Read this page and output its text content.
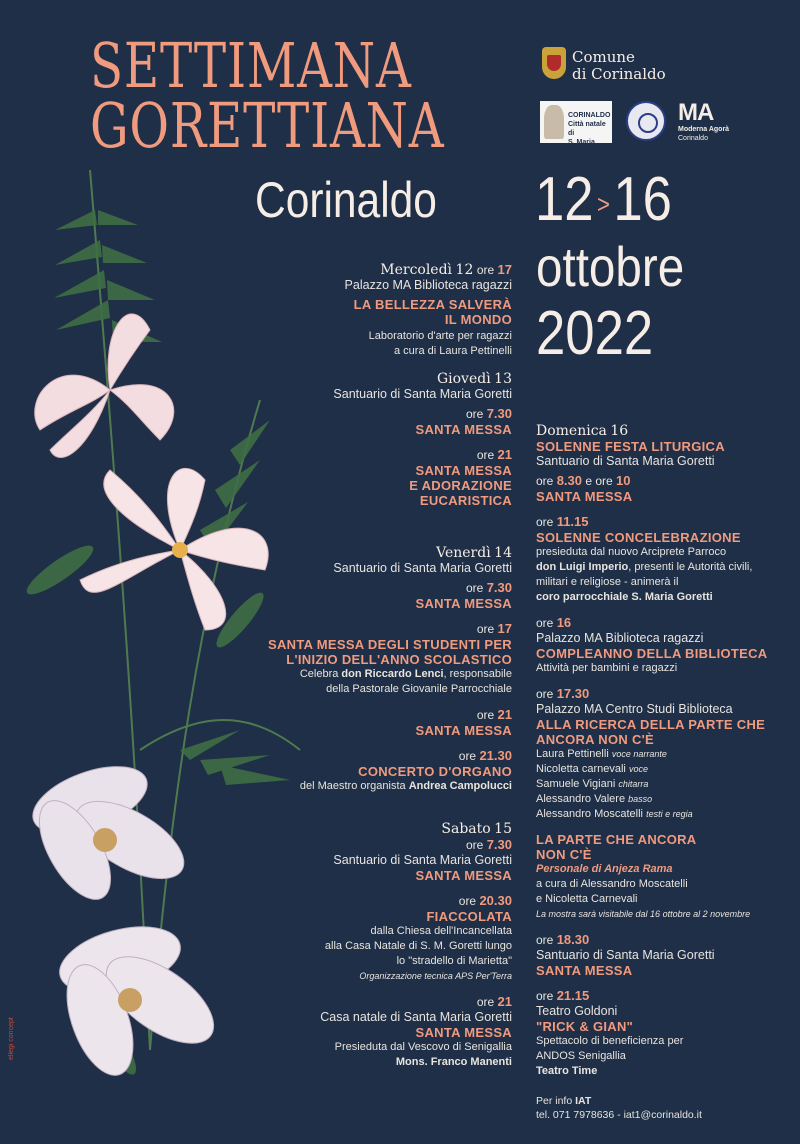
SETTIMANA
GORETTIANA
Corinaldo 12 >16
ottobre
2022
Comune
di Corinaldo
CORINALDO
Città natale di
S. Maria Goretti
MA
Moderna Agorà
Corinaldo
Mercoledì 12 ore 17
Palazzo MA Biblioteca ragazzi
LA BELLEZZA SALVERÀ
IL MONDO
Laboratorio d'arte per ragazzi
a cura di Laura Pettinelli
Giovedì 13
Santuario di Santa Maria Goretti
ore 7.30
SANTA MESSA
ore 21
SANTA MESSA
E ADORAZIONE
EUCARISTICA
Venerdì 14
Santuario di Santa Maria Goretti
ore 7.30
SANTA MESSA
ore 17
SANTA MESSA DEGLI STUDENTI PER
L'INIZIO DELL'ANNO SCOLASTICO
Celebra don Riccardo Lenci, responsabile
della Pastorale Giovanile Parrocchiale
ore 21
SANTA MESSA
ore 21.30
CONCERTO D'ORGANO
del Maestro organista Andrea Campolucci
Sabato 15
ore 7.30
Santuario di Santa Maria Goretti
SANTA MESSA
ore 20.30
FIACCOLATA
dalla Chiesa dell'Incancellata
alla Casa Natale di S. M. Goretti lungo
lo "stradello di Marietta"
Organizzazione tecnica APS Per'Terra
ore 21
Casa natale di Santa Maria Goretti
SANTA MESSA
Presieduta dal Vescovo di Senigallia
Mons. Franco Manenti
Domenica 16
SOLENNE FESTA LITURGICA
Santuario di Santa Maria Goretti
ore 8.30 e ore 10
SANTA MESSA
ore 11.15
SOLENNE CONCELEBRAZIONE
presieduta dal nuovo Arciprete Parroco
don Luigi Imperio, presenti le Autorità civili,
militari e religiose - animerà il
coro parrocchiale S. Maria Goretti
ore 16
Palazzo MA Biblioteca ragazzi
COMPLEANNO DELLA BIBLIOTECA
Attività per bambini e ragazzi
ore 17.30
Palazzo MA Centro Studi Biblioteca
ALLA RICERCA DELLA PARTE CHE
ANCORA NON C'È
Laura Pettinelli voce narrante
Nicoletta carnevali voce
Samuele Vigiani chitarra
Alessandro Valere basso
Alessandro Moscatelli testi e regia
LA PARTE CHE ANCORA
NON C'È
Personale di Anjeza Rama
a cura di Alessandro Moscatelli
e Nicoletta Carnevali
La mostra sarà visitabile dal 16 ottobre al 2 novembre
ore 18.30
Santuario di Santa Maria Goretti
SANTA MESSA
ore 21.15
Teatro Goldoni
"RICK & GIAN"
Spettacolo di beneficienza per
ANDOS Senigallia
Teatro Time
Per info IAT
tel. 071 7978636 - iat1@corinaldo.it
ellegi concept
